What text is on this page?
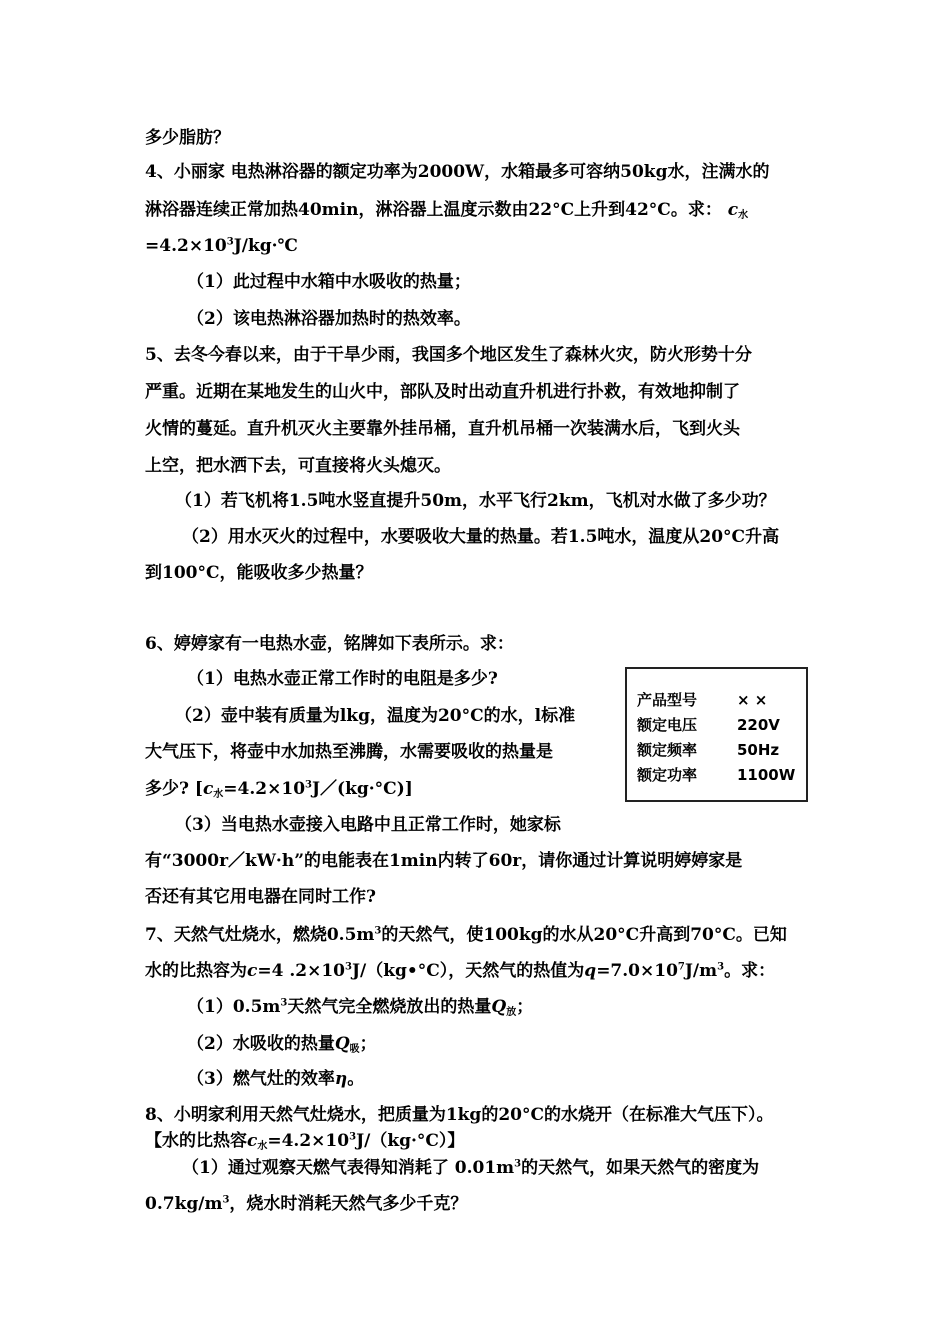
多少脂肪？
4、小丽家 电热淋浴器的额定功率为2000W，水箱最多可容纳50kg水，注满水的
淋浴器连续正常加热40min，淋浴器上温度示数由22°C上升到42°C。求： $c_水$
$=4.2\times 10^3J/kg\cdot℃$
（1）此过程中水箱中水吸收的热量；
（2）该电热淋浴器加热时的热效率。
5、去冬今春以来，由于干旱少雨，我国多个地区发生了森林火灾，防火形势十分
严重。近期在某地发生的山火中，部队及时出动直升机进行扑救，有效地抑制了
火情的蔓延。直升机灭火主要靠外挂吊桶，直升机吊桶一次装满水后，飞到火头
上空，把水洒下去，可直接将火头熄灭。
（1）若飞机将1.5吨水竖直提升50m，水平飞行2km，飞机对水做了多少功？
（2）用水灭火的过程中，水要吸收大量的热量。若1.5吨水，温度从20°C升高
到100°C，能吸收多少热量？
6、婷婷家有一电热水壶，铭牌如下表所示。求：
（1）电热水壶正常工作时的电阻是多少?
（2）壶中装有质量为lkg，温度为20°C的水，l标准
大气压下，将壶中水加热至沸腾，水需要吸收的热量是
多少? $[c_水=4.2\times 10^3J/(kg\cdot^\circ C)]$
（3）当电热水壶接入电路中且正常工作时，她家标
有“3000r／kW·h”的电能表在1min内转了60r，请你通过计算说明婷婷家是
否还有其它用电器在同时工作?
产品型号	× ×
额定电压	220V
额定频率	50Hz
额定功率	1100W
7、天然气灶烧水，燃烧$0.5m^3$的天然气，使100kg的水从20°C升高到70°C。已知
水的比热容为c=4 $.2\times 10^3J/(kg•^\circ C)$，天然气的热值为$q=7.0\times 10^7J/m^3$。求：
$(1)0.5m^3$天然气完全燃烧放出的热量$Q_放$；
（2）水吸收的热量$Q_吸$；
（3）燃气灶的效率η。
8、小明家利用天然气灶烧水，把质量为1kg的20°C的水烧开（在标准大气压下）。
【水的比热容$c_水=4.2\times 10^3J/(kg\cdot^\circ C)$】
（1）通过观察天燃气表得知消耗了 $0.01m^3$的天然气，如果天然气的密度为
$0.7kg/m^3$，烧水时消耗天然气多少千克？
